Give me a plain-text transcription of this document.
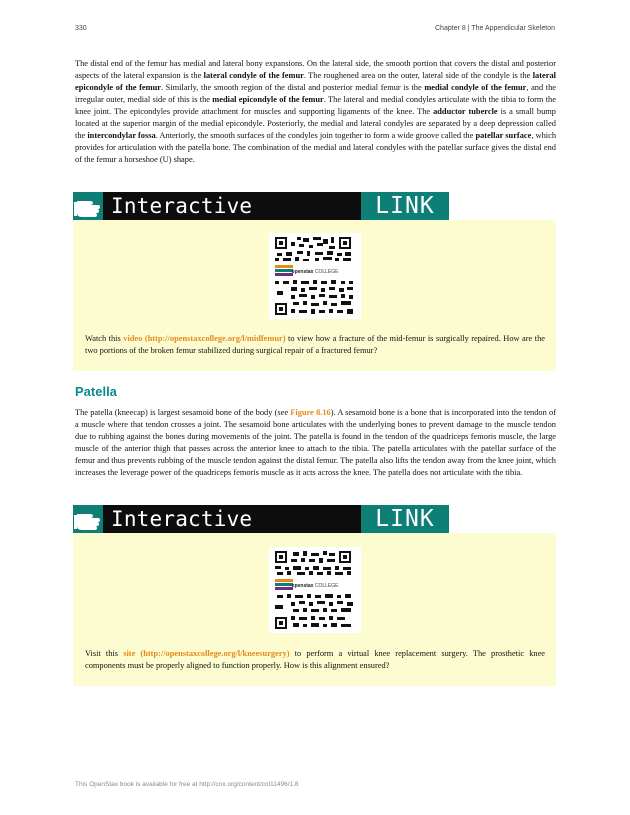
330	Chapter 8 | The Appendicular Skeleton

The distal end of the femur has medial and lateral bony expansions. On the lateral side, the smooth portion that covers the distal and posterior aspects of the lateral expansion is the lateral condyle of the femur. The roughened area on the outer, lateral side of the condyle is the lateral epicondyle of the femur. Similarly, the smooth region of the distal and posterior medial femur is the medial condyle of the femur, and the irregular outer, medial side of this is the medial epicondyle of the femur. The lateral and medial condyles articulate with the tibia to form the knee joint. The epicondyles provide attachment for muscles and supporting ligaments of the knee. The adductor tubercle is a small bump located at the superior margin of the medial epicondyle. Posteriorly, the medial and lateral condyles are separated by a deep depression called the intercondylar fossa. Anteriorly, the smooth surfaces of the condyles join together to form a wide groove called the patellar surface, which provides for articulation with the patella bone. The combination of the medial and lateral condyles with the patellar surface gives the distal end of the femur a horseshoe (U) shape.

Interactive	LINK
openstax COLLEGE

Watch this video (http://openstaxcollege.org/l/midfemur) to view how a fracture of the mid-femur is surgically repaired. How are the two portions of the broken femur stabilized during surgical repair of a fractured femur?

Patella

The patella (kneecap) is largest sesamoid bone of the body (see Figure 8.16). A sesamoid bone is a bone that is incorporated into the tendon of a muscle where that tendon crosses a joint. The sesamoid bone articulates with the underlying bones to prevent damage to the muscle tendon due to rubbing against the bones during movements of the joint. The patella is found in the tendon of the quadriceps femoris muscle, the large muscle of the anterior thigh that passes across the anterior knee to attach to the tibia. The patella articulates with the patellar surface of the femur and thus prevents rubbing of the muscle tendon against the distal femur. The patella also lifts the tendon away from the knee joint, which increases the leverage power of the quadriceps femoris muscle as it acts across the knee. The patella does not articulate with the tibia.

Interactive	LINK
openstax COLLEGE

Visit this site (http://openstaxcollege.org/l/kneesurgery) to perform a virtual knee replacement surgery. The prosthetic knee components must be properly aligned to function properly. How is this alignment ensured?

This OpenStax book is available for free at http://cnx.org/content/col11496/1.8
